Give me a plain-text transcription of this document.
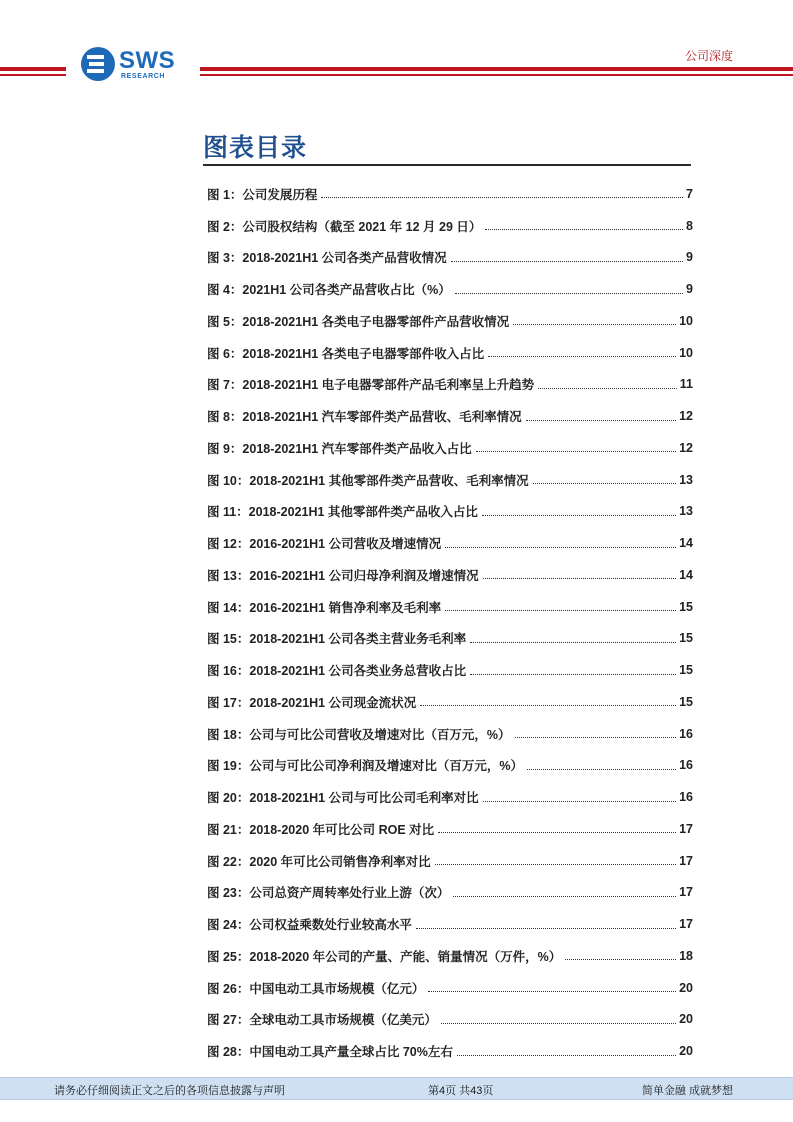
SWS
RESEARCH
公司深度
图表目录
图 1：公司发展历程	7
图 2：公司股权结构（截至 2021 年 12 月 29 日）	8
图 3：2018-2021H1 公司各类产品营收情况	9
图 4：2021H1 公司各类产品营收占比（%）	9
图 5：2018-2021H1 各类电子电器零部件产品营收情况	10
图 6：2018-2021H1 各类电子电器零部件收入占比	10
图 7：2018-2021H1 电子电器零部件产品毛利率呈上升趋势	11
图 8：2018-2021H1 汽车零部件类产品营收、毛利率情况	12
图 9：2018-2021H1 汽车零部件类产品收入占比	12
图 10：2018-2021H1 其他零部件类产品营收、毛利率情况	13
图 11：2018-2021H1 其他零部件类产品收入占比	13
图 12：2016-2021H1 公司营收及增速情况	14
图 13：2016-2021H1 公司归母净利润及增速情况	14
图 14：2016-2021H1 销售净利率及毛利率	15
图 15：2018-2021H1 公司各类主营业务毛利率	15
图 16：2018-2021H1 公司各类业务总营收占比	15
图 17：2018-2021H1 公司现金流状况	15
图 18：公司与可比公司营收及增速对比（百万元，%）	16
图 19：公司与可比公司净利润及增速对比（百万元，%）	16
图 20：2018-2021H1 公司与可比公司毛利率对比	16
图 21：2018-2020 年可比公司 ROE 对比	17
图 22：2020 年可比公司销售净利率对比	17
图 23：公司总资产周转率处行业上游（次）	17
图 24：公司权益乘数处行业较高水平	17
图 25：2018-2020 年公司的产量、产能、销量情况（万件，%）	18
图 26：中国电动工具市场规模（亿元）	20
图 27：全球电动工具市场规模（亿美元）	20
图 28：中国电动工具产量全球占比 70%左右	20
请务必仔细阅读正文之后的各项信息披露与声明	第4页 共43页	简单金融 成就梦想
